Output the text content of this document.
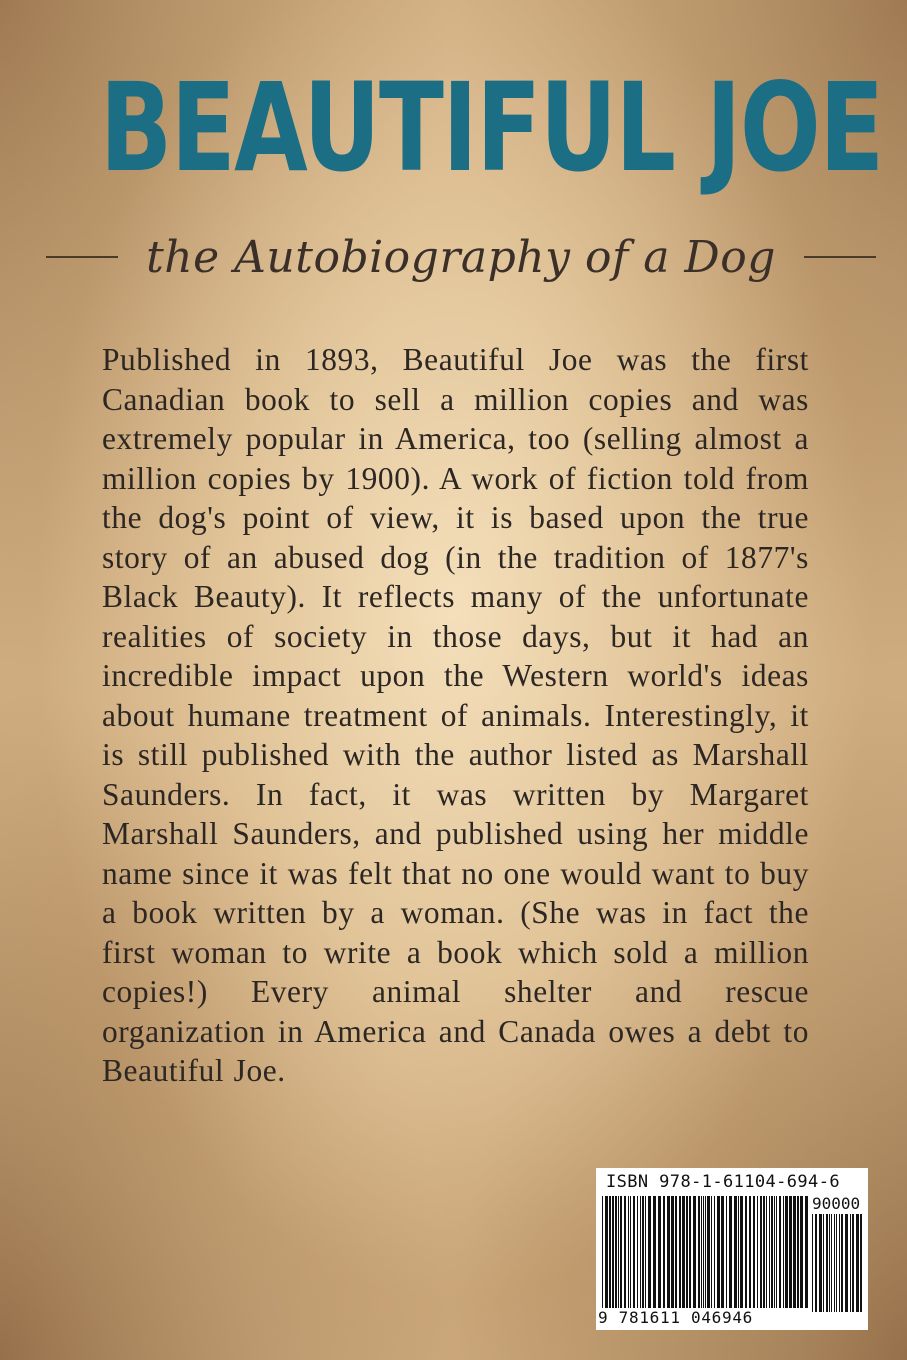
BEAUTIFUL JOE
the Autobiography of a Dog
Published in 1893, Beautiful Joe was the first Canadian book to sell a million copies and was extremely popular in America, too (selling almost a million copies by 1900). A work of fiction told from the dog's point of view, it is based upon the true story of an abused dog (in the tradition of 1877's Black Beauty). It reflects many of the unfortunate realities of society in those days, but it had an incredible impact upon the Western world's ideas about humane treatment of animals. Interestingly, it is still published with the author listed as Marshall Saunders. In fact, it was written by Margaret Marshall Saunders, and published using her middle name since it was felt that no one would want to buy a book written by a woman. (She was in fact the first woman to write a book which sold a million copies!) Every animal shelter and rescue organization in America and Canada owes a debt to Beautiful Joe.
ISBN 978-1-61104-694-6
90000
9 781611 046946
